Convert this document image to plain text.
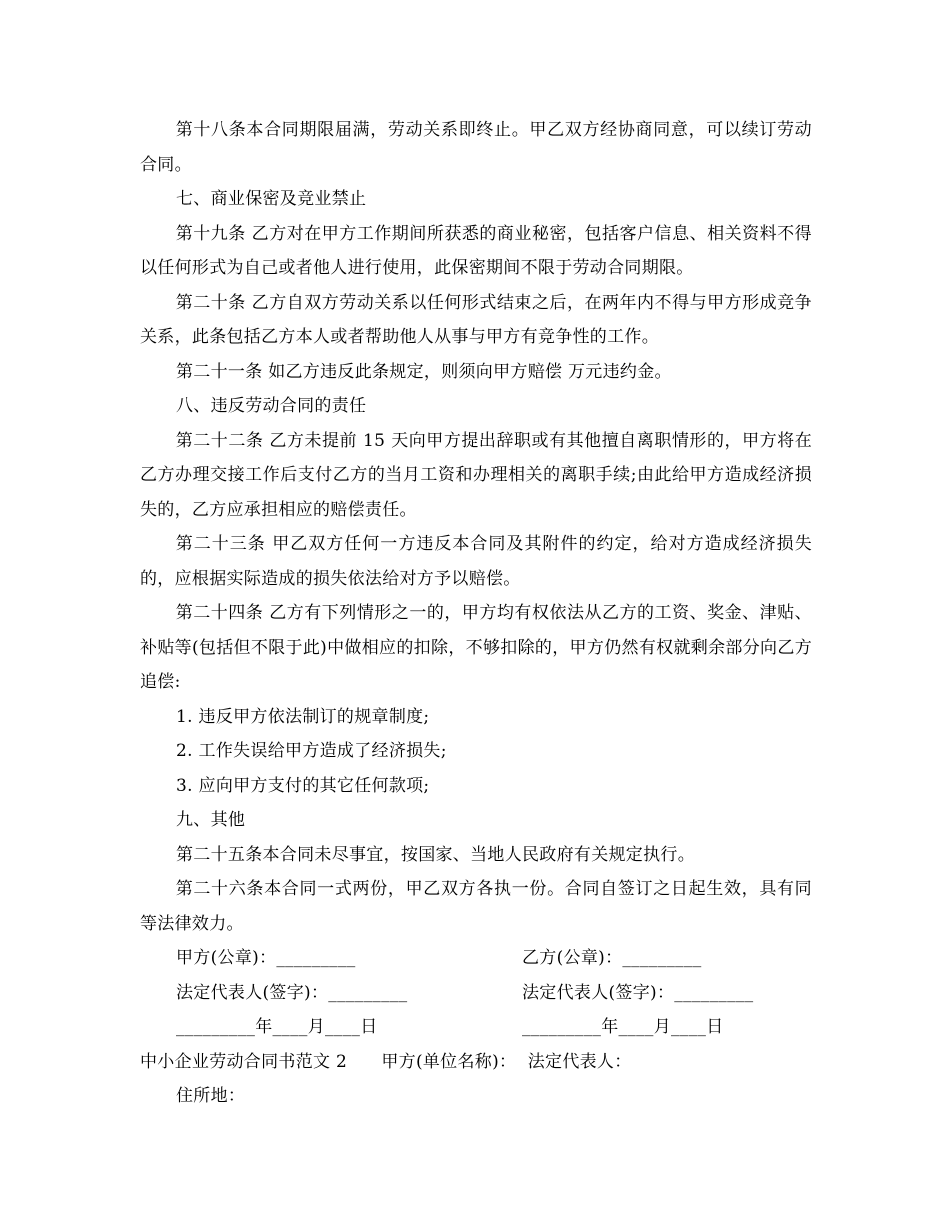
第十八条本合同期限届满，劳动关系即终止。甲乙双方经协商同意，可以续订劳动合同。

七、商业保密及竞业禁止

第十九条 乙方对在甲方工作期间所获悉的商业秘密，包括客户信息、相关资料不得以任何形式为自己或者他人进行使用，此保密期间不限于劳动合同期限。

第二十条 乙方自双方劳动关系以任何形式结束之后，在两年内不得与甲方形成竞争关系，此条包括乙方本人或者帮助他人从事与甲方有竞争性的工作。

第二十一条 如乙方违反此条规定，则须向甲方赔偿 万元违约金。

八、违反劳动合同的责任

第二十二条 乙方未提前 15 天向甲方提出辞职或有其他擅自离职情形的，甲方将在乙方办理交接工作后支付乙方的当月工资和办理相关的离职手续;由此给甲方造成经济损失的，乙方应承担相应的赔偿责任。

第二十三条 甲乙双方任何一方违反本合同及其附件的约定，给对方造成经济损失的，应根据实际造成的损失依法给对方予以赔偿。

第二十四条 乙方有下列情形之一的，甲方均有权依法从乙方的工资、奖金、津贴、补贴等(包括但不限于此)中做相应的扣除，不够扣除的，甲方仍然有权就剩余部分向乙方追偿:

1. 违反甲方依法制订的规章制度;

2. 工作失误给甲方造成了经济损失;

3. 应向甲方支付的其它任何款项;

九、其他

第二十五条本合同未尽事宜，按国家、当地人民政府有关规定执行。

第二十六条本合同一式两份，甲乙双方各执一份。合同自签订之日起生效，具有同等法律效力。

甲方(公章)：_________	乙方(公章)：_________
法定代表人(签字)：_________	法定代表人(签字)：_________
_________年____月____日	_________年____月____日

中小企业劳动合同书范文 2      甲方(单位名称)：  法定代表人：

住所地：
